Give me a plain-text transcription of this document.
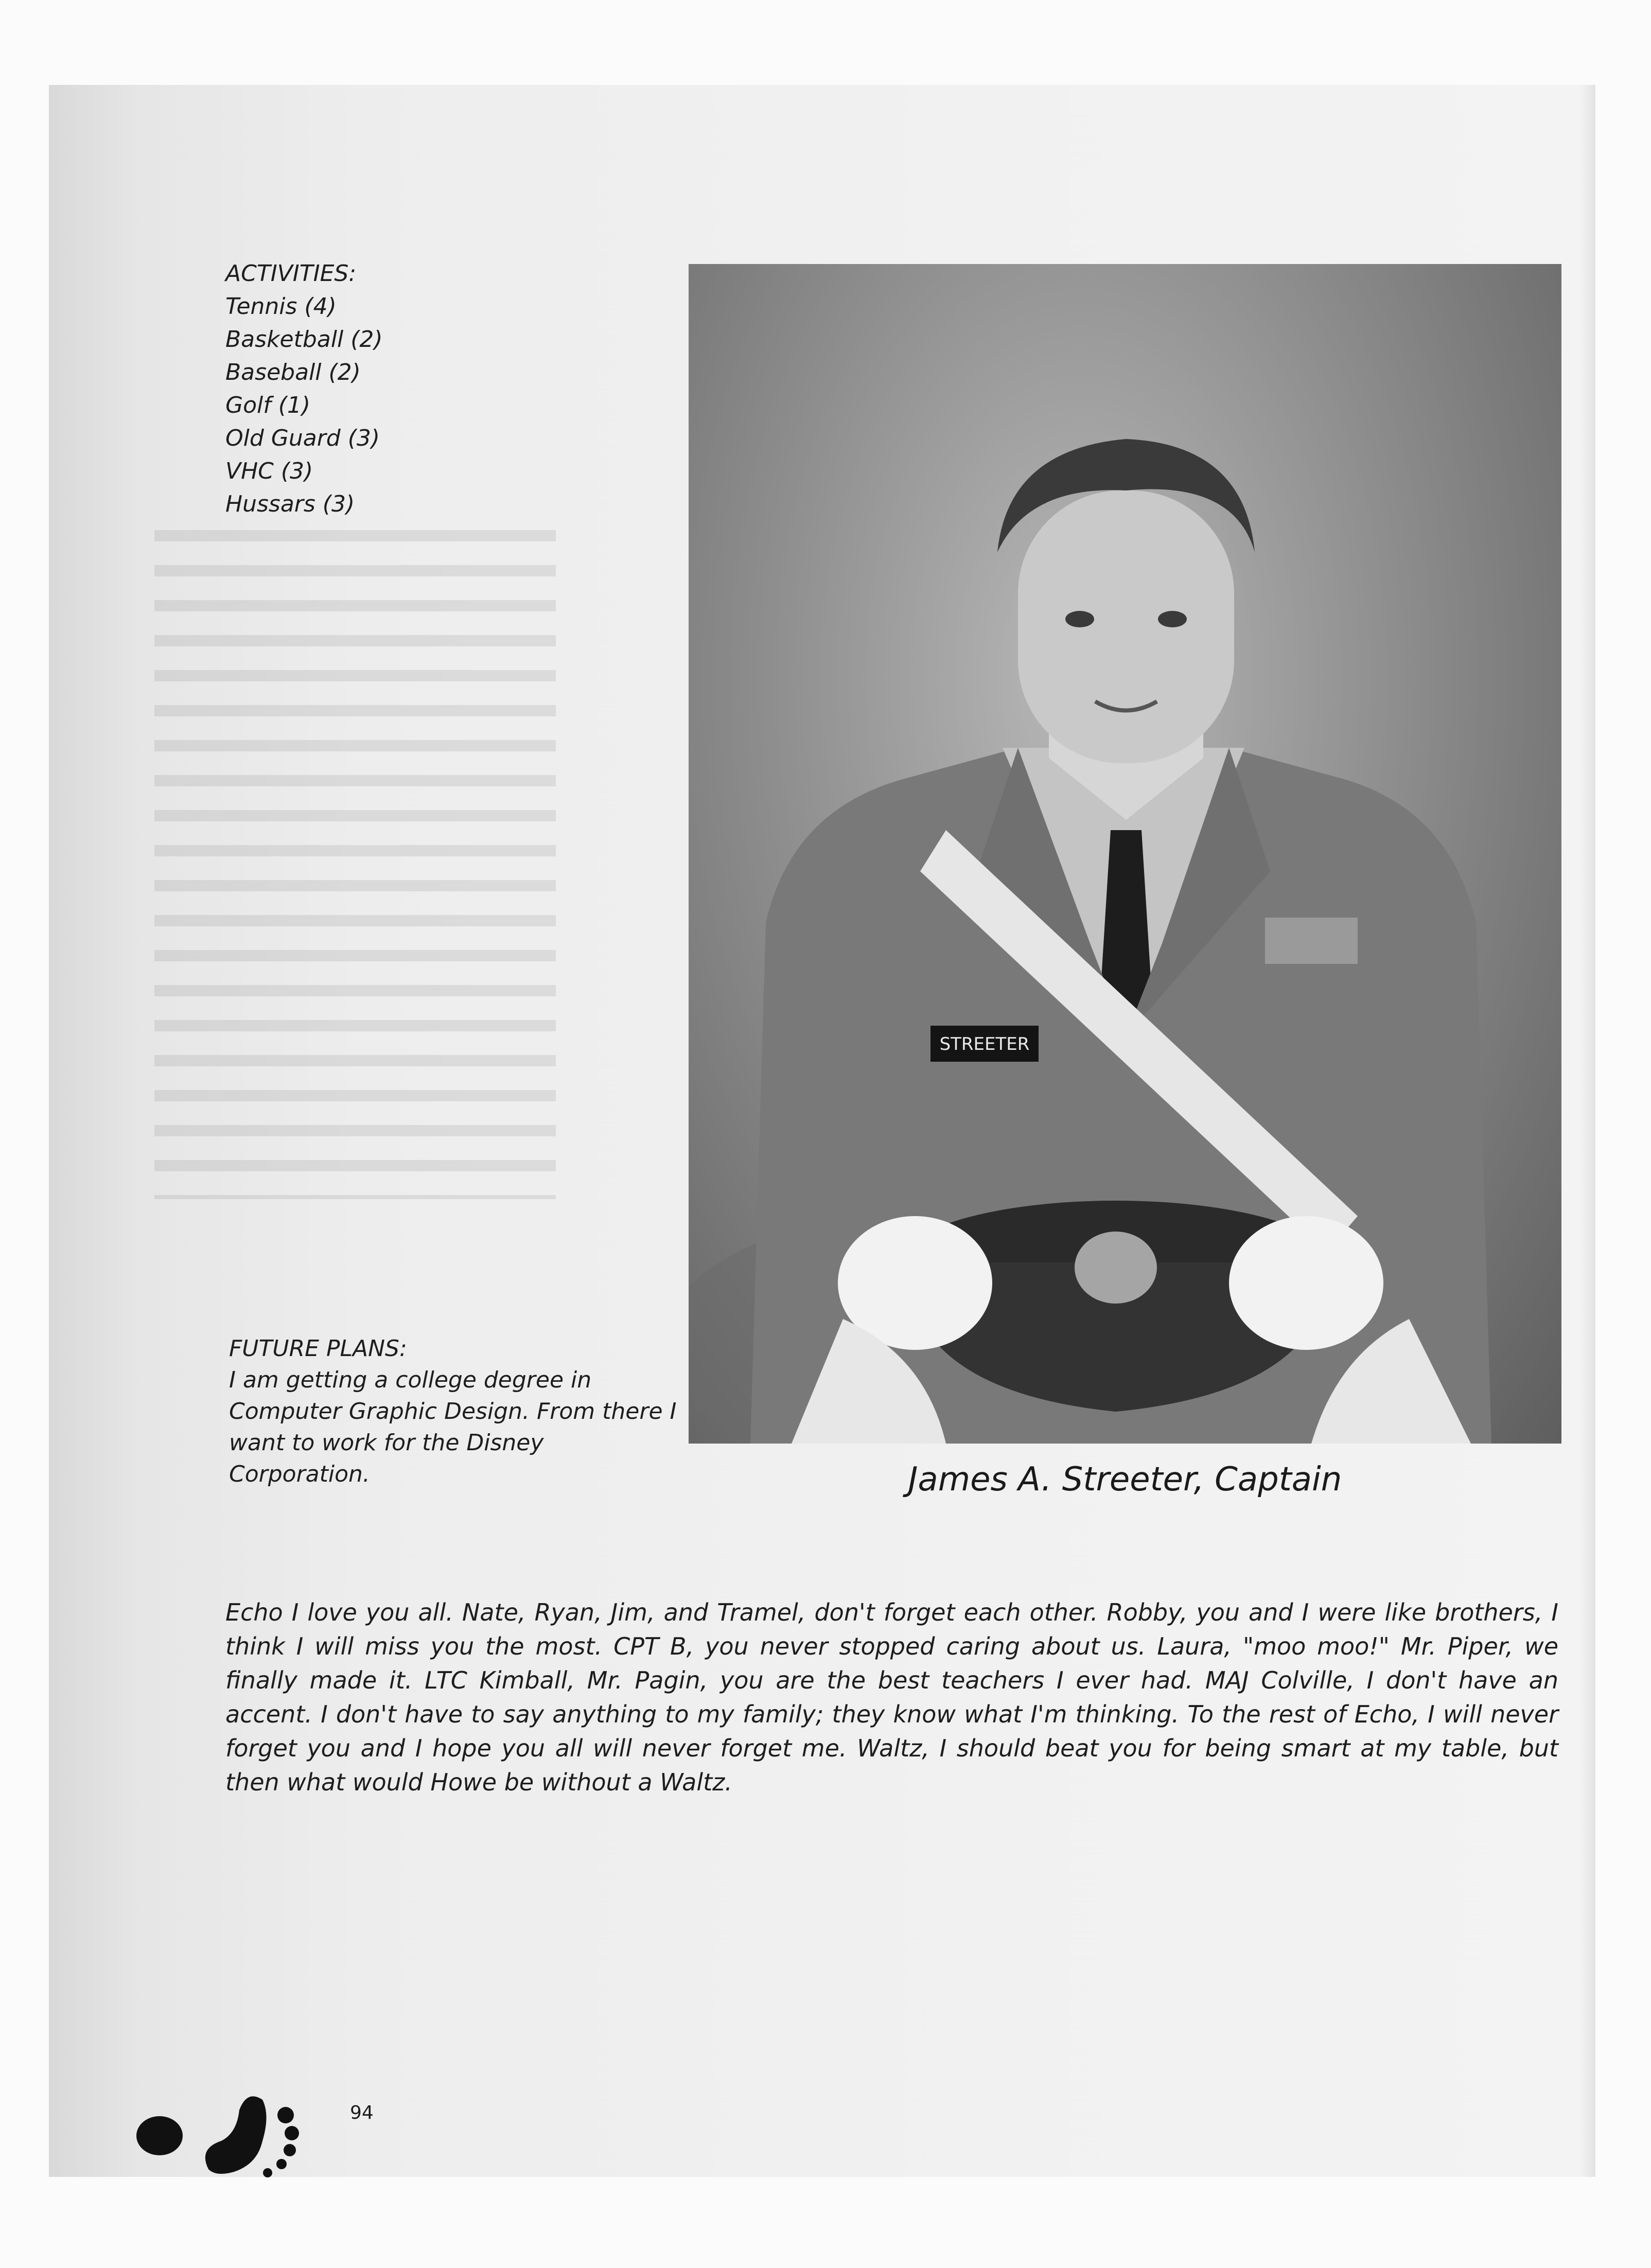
ACTIVITIES:
Tennis (4)
Basketball (2)
Baseball (2)
Golf (1)
Old Guard (3)
VHC (3)
Hussars (3)
FUTURE PLANS:
I am getting a college degree in Computer Graphic Design. From there I want to work for the Disney Corporation.
STREETER
James A. Streeter, Captain
Echo I love you all. Nate, Ryan, Jim, and Tramel, don't forget each other. Robby, you and I were like brothers, I think I will miss you the most. CPT B, you never stopped caring about us. Laura, "moo moo!" Mr. Piper, we finally made it. LTC Kimball, Mr. Pagin, you are the best teachers I ever had. MAJ Colville, I don't have an accent. I don't have to say anything to my family; they know what I'm thinking. To the rest of Echo, I will never forget you and I hope you all will never forget me. Waltz, I should beat you for being smart at my table, but then what would Howe be without a Waltz.
94
